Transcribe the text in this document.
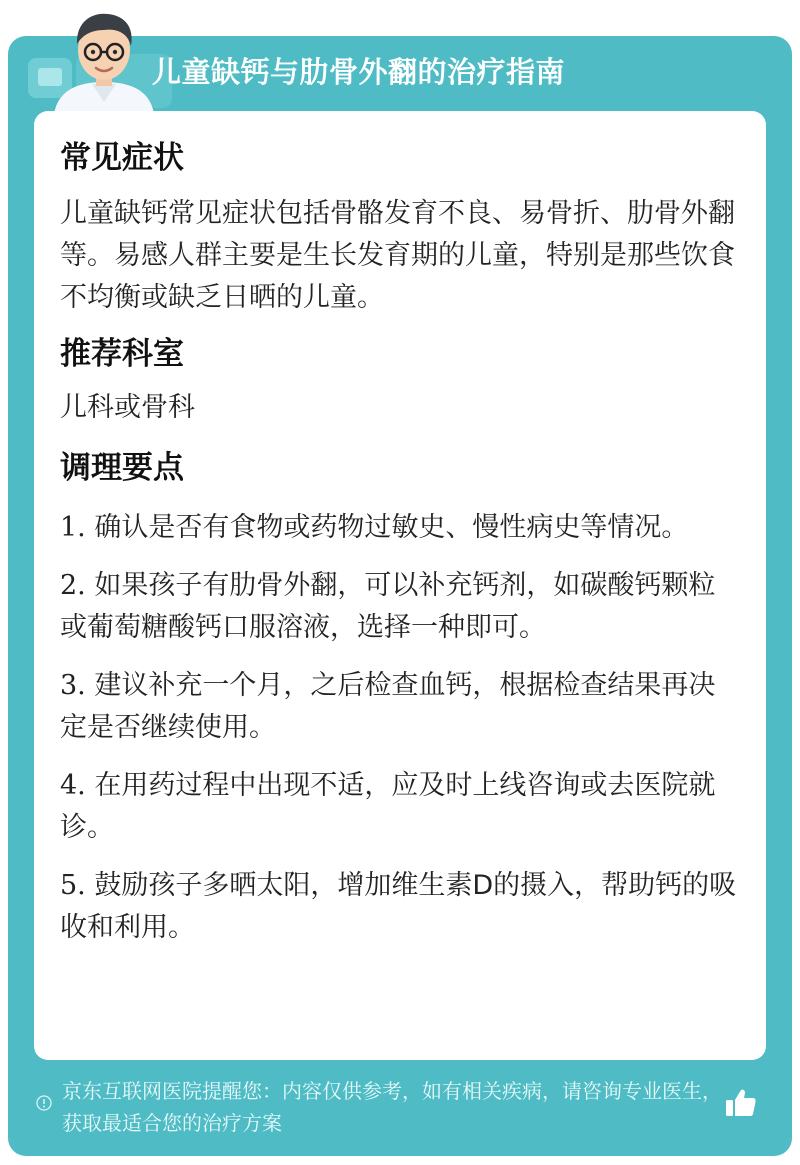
儿童缺钙与肋骨外翻的治疗指南
常见症状

儿童缺钙常见症状包括骨骼发育不良、易骨折、肋骨外翻等。易感人群主要是生长发育期的儿童，特别是那些饮食不均衡或缺乏日晒的儿童。

推荐科室

儿科或骨科

调理要点

1. 确认是否有食物或药物过敏史、慢性病史等情况。

2. 如果孩子有肋骨外翻，可以补充钙剂，如碳酸钙颗粒或葡萄糖酸钙口服溶液，选择一种即可。

3. 建议补充一个月，之后检查血钙，根据检查结果再决定是否继续使用。

4. 在用药过程中出现不适，应及时上线咨询或去医院就诊。

5. 鼓励孩子多晒太阳，增加维生素D的摄入，帮助钙的吸收和利用。

京东互联网医院提醒您：内容仅供参考，如有相关疾病，请咨询专业医生，获取最适合您的治疗方案
